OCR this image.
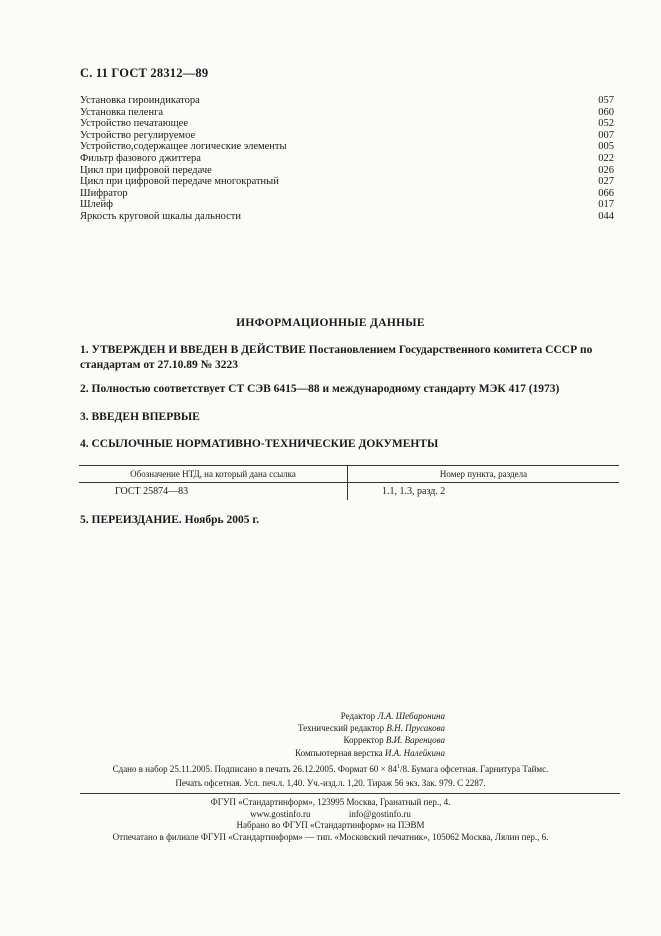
С. 11 ГОСТ 28312—89
Установка гироиндикатора	057
Установка пеленга	060
Устройство печатающее	052
Устройство регулируемое	007
Устройство,содержащее логические элементы	005
Фильтр фазового джиттера	022
Цикл при цифровой передаче	026
Цикл при цифровой передаче многократный	027
Шифратор	066
Шлейф	017
Яркость круговой шкалы дальности	044
ИНФОРМАЦИОННЫЕ ДАННЫЕ
1. УТВЕРЖДЕН И ВВЕДЕН В ДЕЙСТВИЕ Постановлением Государственного комитета СССР по стандартам от 27.10.89 № 3223
2. Полностью соответствует СТ СЭВ 6415—88 и международному стандарту МЭК 417 (1973)
3. ВВЕДЕН ВПЕРВЫЕ
4. ССЫЛОЧНЫЕ НОРМАТИВНО-ТЕХНИЧЕСКИЕ ДОКУМЕНТЫ
Обозначение НТД, на который дана ссылка	Номер пункта, раздела
ГОСТ 25874—83	1.1, 1.3, разд. 2
5. ПЕРЕИЗДАНИЕ. Ноябрь 2005 г.
Редактор Л.А. Шебаронина
Технический редактор В.Н. Прусакова
Корректор В.И. Варенцова
Компьютерная верстка И.А. Налейкина
Сдано в набор 25.11.2005. Подписано в печать 26.12.2005. Формат $60 \times 84^1/8$. Бумага офсетная. Гарнитура Таймс.
Печать офсетная. Усл. печ.л. 1,40. Уч.-изд.л. 1,20. Тираж 56 экз. Зак. 979. С 2287.
ФГУП «Стандартинформ», 123995 Москва, Гранатный пер., 4.
www.gostinfo.ru	info@gostinfo.ru
Набрано во ФГУП «Стандартинформ» на ПЭВМ
Отпечатано в филиале ФГУП «Стандартинформ» — тип. «Московский печатник», 105062 Москва, Лялин пер., 6.
